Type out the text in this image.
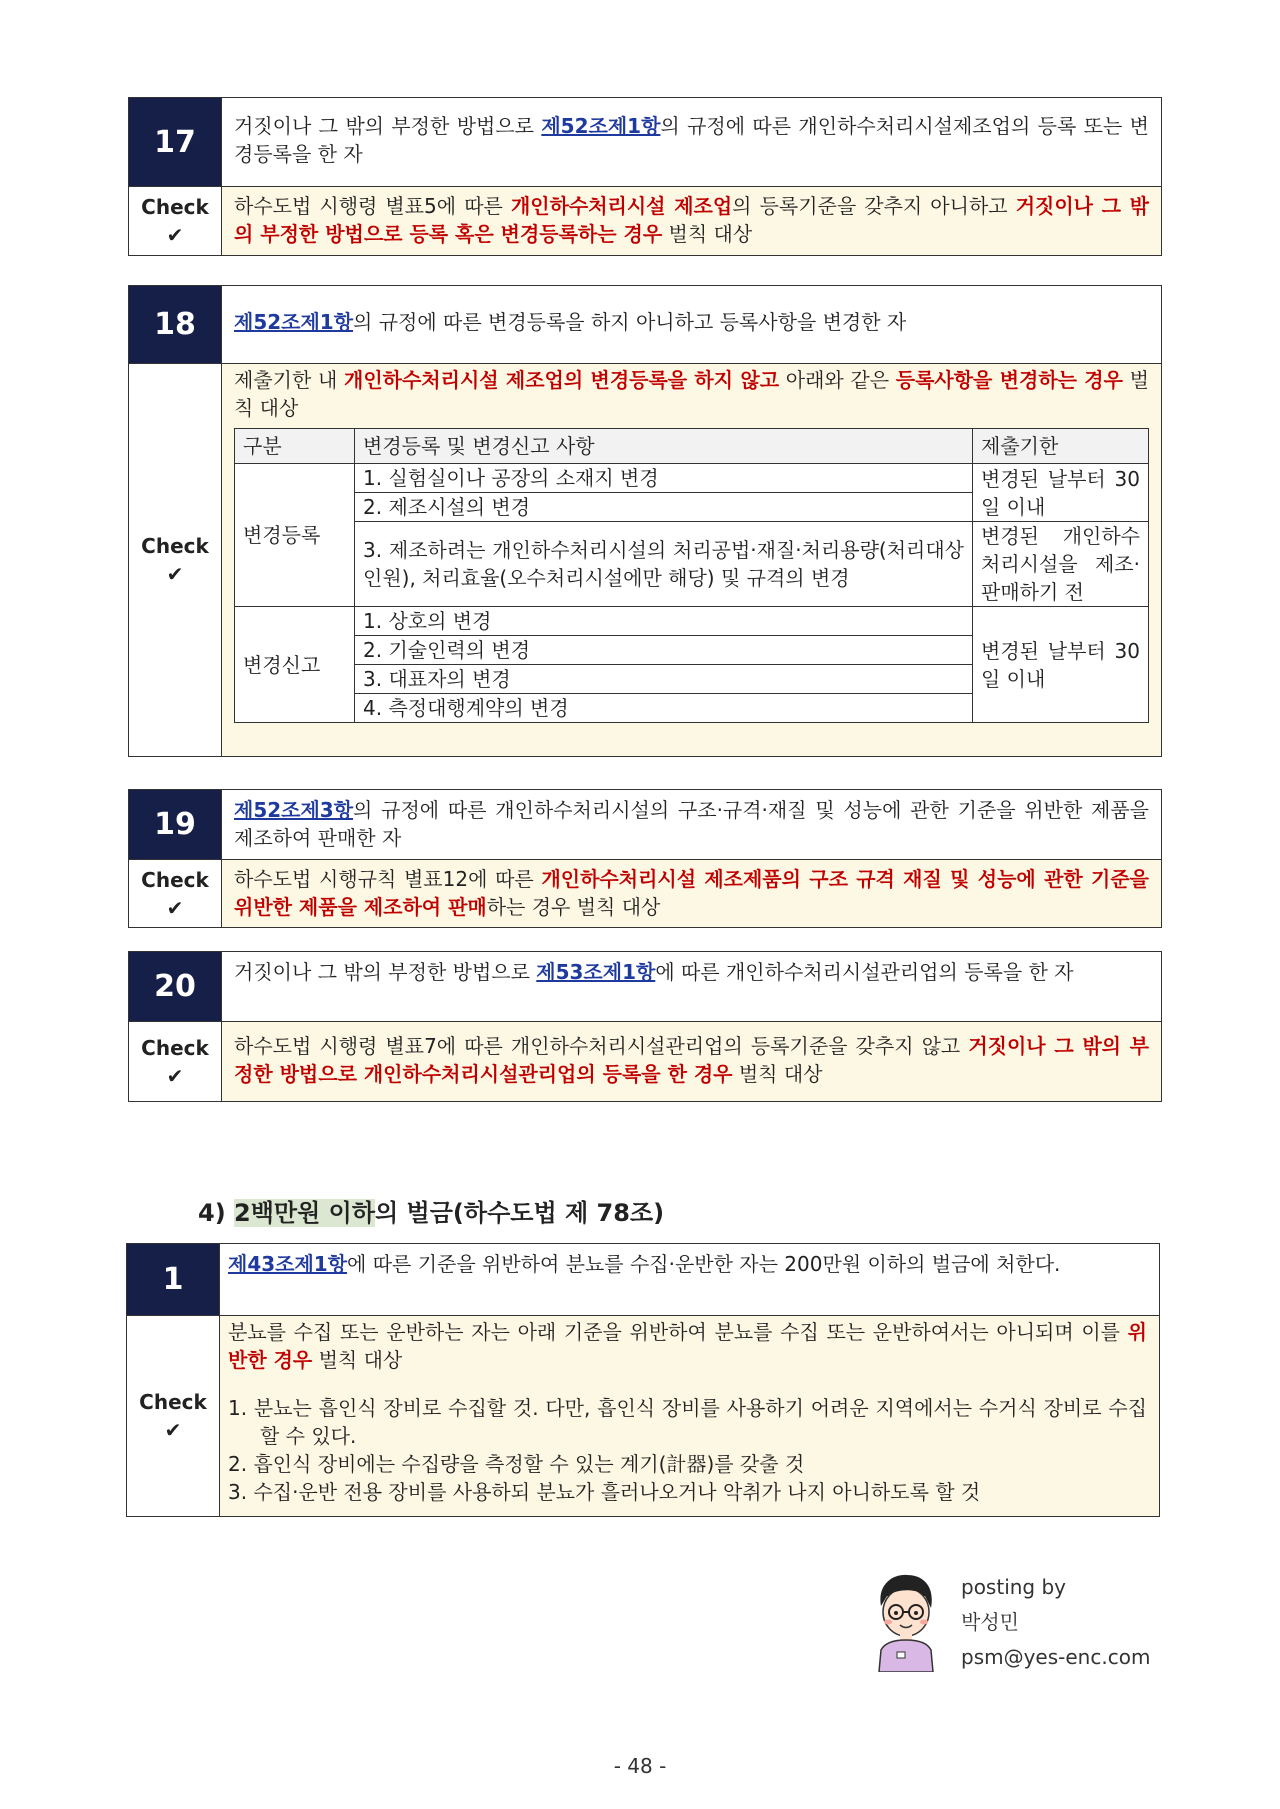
17	거짓이나 그 밖의 부정한 방법으로 제52조제1항의 규정에 따른 개인하수처리시설제조업의 등록 또는 변경등록을 한 자
Check
✔
하수도법 시행령 별표5에 따른 개인하수처리시설 제조업의 등록기준을 갖추지 아니하고 거짓이나 그 밖의 부정한 방법으로 등록 혹은 변경등록하는 경우 벌칙 대상
18	제52조제1항의 규정에 따른 변경등록을 하지 아니하고 등록사항을 변경한 자
Check
✔
제출기한 내 개인하수처리시설 제조업의 변경등록을 하지 않고 아래와 같은 등록사항을 변경하는 경우 벌칙 대상
구분	변경등록 및 변경신고 사항	제출기한
변경등록	1. 실험실이나 공장의 소재지 변경	변경된 날부터 30일 이내
	2. 제조시설의 변경	
	3. 제조하려는 개인하수처리시설의 처리공법·재질·처리용량(처리대상 인원), 처리효율(오수처리시설에만 해당) 및 규격의 변경	변경된 개인하수처리시설을 제조·판매하기 전
변경신고	1. 상호의 변경	변경된 날부터 30일 이내
	2. 기술인력의 변경	
	3. 대표자의 변경	
	4. 측정대행계약의 변경	
19	제52조제3항의 규정에 따른 개인하수처리시설의 구조·규격·재질 및 성능에 관한 기준을 위반한 제품을 제조하여 판매한 자
Check
✔
하수도법 시행규칙 별표12에 따른 개인하수처리시설 제조제품의 구조 규격 재질 및 성능에 관한 기준을 위반한 제품을 제조하여 판매하는 경우 벌칙 대상
20	거짓이나 그 밖의 부정한 방법으로 제53조제1항에 따른 개인하수처리시설관리업의 등록을 한 자
Check
✔
하수도법 시행령 별표7에 따른 개인하수처리시설관리업의 등록기준을 갖추지 않고 거짓이나 그 밖의 부정한 방법으로 개인하수처리시설관리업의 등록을 한 경우 벌칙 대상
4) 2백만원 이하의 벌금(하수도법 제 78조)
1	제43조제1항에 따른 기준을 위반하여 분뇨를 수집·운반한 자는 200만원 이하의 벌금에 처한다.
Check
✔
분뇨를 수집 또는 운반하는 자는 아래 기준을 위반하여 분뇨를 수집 또는 운반하여서는 아니되며 이를 위반한 경우 벌칙 대상
1. 분뇨는 흡인식 장비로 수집할 것. 다만, 흡인식 장비를 사용하기 어려운 지역에서는 수거식 장비로 수집할 수 있다.
2. 흡인식 장비에는 수집량을 측정할 수 있는 계기(計器)를 갖출 것
3. 수집·운반 전용 장비를 사용하되 분뇨가 흘러나오거나 악취가 나지 아니하도록 할 것
posting by
박성민
psm@yes-enc.com
- 48 -
